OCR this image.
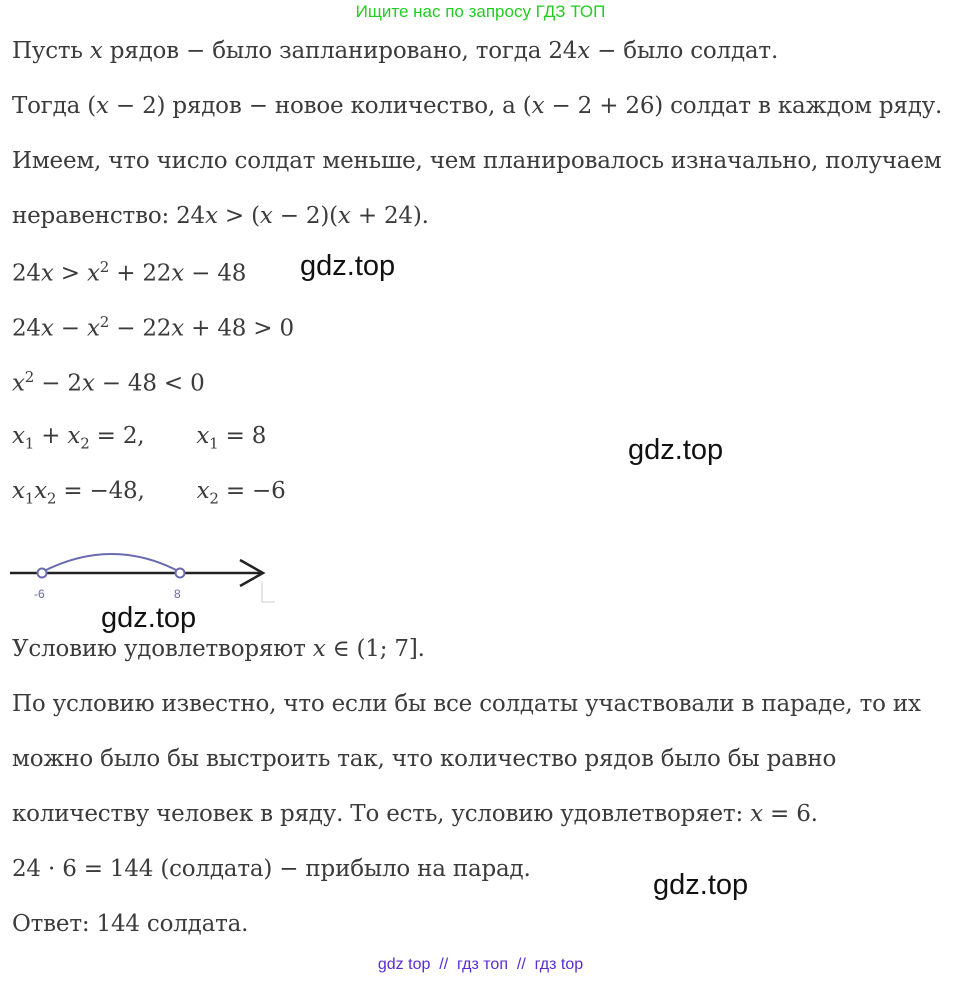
Ищите нас по запросу ГДЗ ТОП
Пусть x рядов − было запланировано, тогда 24x − было солдат.
Тогда (x − 2) рядов − новое количество, а (x − 2 + 26) солдат в каждом ряду.
Имеем, что число солдат меньше, чем планировалось изначально, получаем
неравенство: 24x > (x − 2)(x + 24).
$24x > x^2 + 22x - 48$
$24x - x^2 - 22x + 48 > 0$
$x^2 - 2x - 48 < 0$
$x_1 + x_2 = 2$, $x_1 = 8$
$x_1x_2 = -48$, $x_2 = -6$
-6	8
Условию удовлетворяют x ∈ (1; 7].
По условию известно, что если бы все солдаты участвовали в параде, то их
можно было бы выстроить так, что количество рядов было бы равно
количеству человек в ряду. То есть, условию удовлетворяет: x = 6.
24 · 6 = 144 (солдата) − прибыло на парад.
Ответ: 144 солдата.
gdz.top
gdz.top
gdz.top
gdz.top
gdz top  //  гдз топ  //  гдз top
